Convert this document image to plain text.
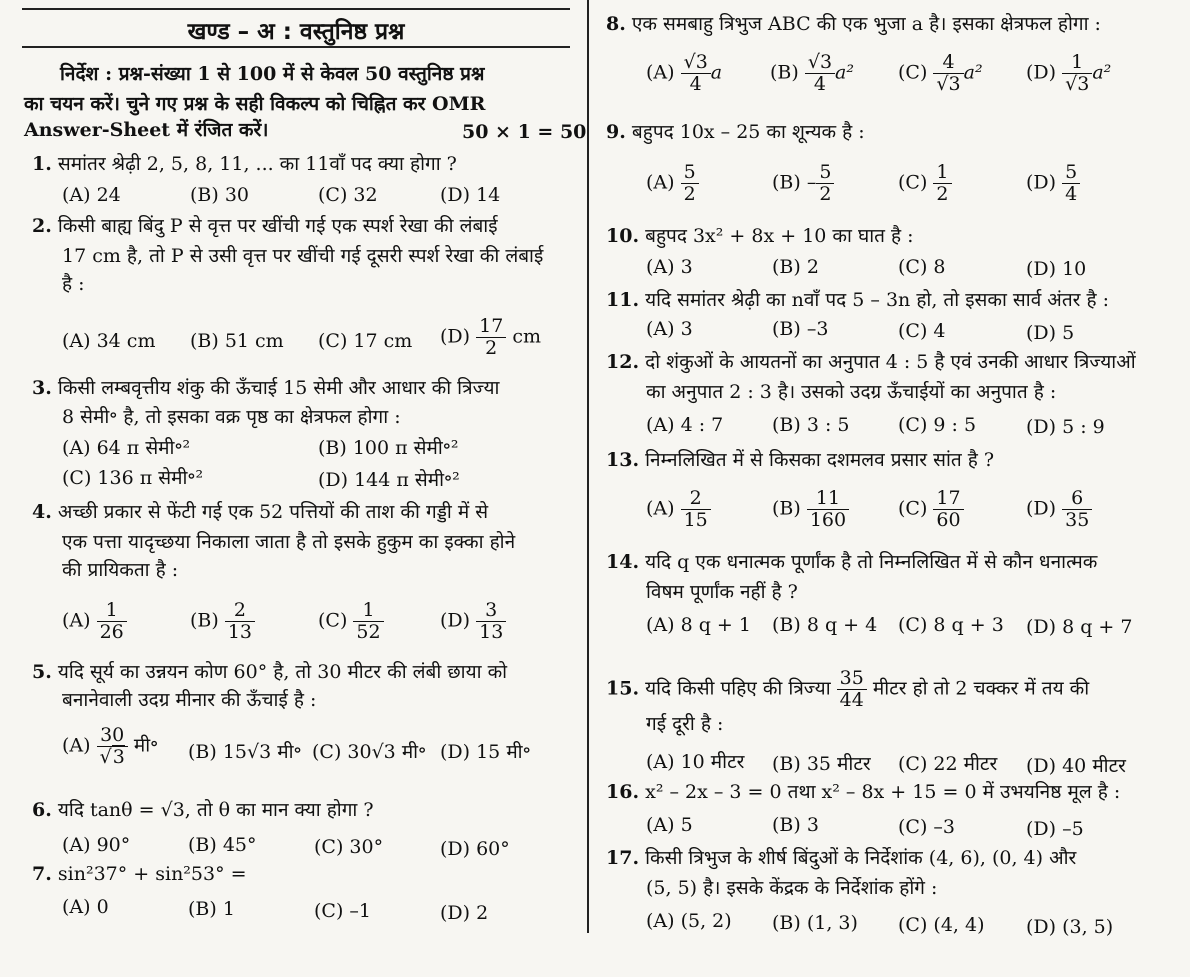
खण्ड – अ : वस्तुनिष्ठ प्रश्न
निर्देश : प्रश्न-संख्या 1 से 100 में से केवल 50 वस्तुनिष्ठ प्रश्न
का चयन करें। चुने गए प्रश्न के सही विकल्प को चिह्नित कर OMR
Answer-Sheet में रंजित करें।	50 × 1 = 50
1. समांतर श्रेढ़ी 2, 5, 8, 11, ... का 11वाँ पद क्या होगा ?
(A) 24	(B) 30	(C) 32	(D) 14
2. किसी बाह्य बिंदु P से वृत्त पर खींची गई एक स्पर्श रेखा की लंबाई
17 cm है, तो P से उसी वृत्त पर खींची गई दूसरी स्पर्श रेखा की लंबाई
है :
(A) 34 cm (B) 51 cm (C) 17 cm $(D) \frac{17}{2}$ cm
3. किसी लम्बवृत्तीय शंकु की ऊँचाई 15 सेमी और आधार की त्रिज्या
8 सेमी॰ है, तो इसका वक्र पृष्ठ का क्षेत्रफल होगा :
(A) 64 π सेमी॰²	(B) 100 π सेमी॰²
(C) 136 π सेमी॰²	(D) 144 π सेमी॰²
4. अच्छी प्रकार से फेंटी गई एक 52 पत्तियों की ताश की गड्डी में से
एक पत्ता यादृच्छया निकाला जाता है तो इसके हुकुम का इक्का होने
की प्रायिकता है :
$(A) \frac{1}{26}$	$(B) \frac{2}{13}$	$(C) \frac{1}{52}$	$(D) \frac{3}{13}$
5. यदि सूर्य का उन्नयन कोण 60° है, तो 30 मीटर की लंबी छाया को
बनानेवाली उदग्र मीनार की ऊँचाई है :
$(A) \frac{30}{√3}$ मी॰ (B) 15√3 मी॰ (C) 30√3 मी॰ (D) 15 मी॰
6. यदि tanθ = √3, तो θ का मान क्या होगा ?
(A) 90°	(B) 45°	(C) 30°	(D) 60°
7. sin²37° + sin²53° =
(A) 0	(B) 1	(C) –1	(D) 2
8. एक समबाहु त्रिभुज ABC की एक भुजा a है। इसका क्षेत्रफल होगा :
$(A) \frac{√3}{4}$ a	$(B) \frac{√3}{4} a^2$ $(C) \frac{4}{√3} a^2$ $(D) \frac{1}{√3} a^2$
9. बहुपद 10x – 25 का शून्यक है :
$(A) \frac{5}{2}$	$(B) - \frac{5}{2}$	$(C) \frac{1}{2}$	$(D) \frac{5}{4}$
10. बहुपद 3x² + 8x + 10 का घात है :
(A) 3	(B) 2	(C) 8	(D) 10
11. यदि समांतर श्रेढ़ी का nवाँ पद 5 – 3n हो, तो इसका सार्व अंतर है :
(A) 3	(B) –3	(C) 4	(D) 5
12. दो शंकुओं के आयतनों का अनुपात 4 : 5 है एवं उनकी आधार त्रिज्याओं
का अनुपात 2 : 3 है। उसको उदग्र ऊँचाईयों का अनुपात है :
(A) 4 : 7	(B) 3 : 5	(C) 9 : 5	(D) 5 : 9
13. निम्नलिखित में से किसका दशमलव प्रसार सांत है ?
$(A) \frac{2}{15}$	$(B) \frac{11}{160}$	$(C) \frac{17}{60}$	$(D) \frac{6}{35}$
14. यदि q एक धनात्मक पूर्णांक है तो निम्नलिखित में से कौन धनात्मक
विषम पूर्णांक नहीं है ?
(A) 8 q + 1 (B) 8 q + 4 (C) 8 q + 3 (D) 8 q + 7
15. यदि किसी पहिए की त्रिज्या $\frac{35}{44}$ मीटर हो तो 2 चक्कर में तय की
गई दूरी है :
(A) 10 मीटर (B) 35 मीटर (C) 22 मीटर (D) 40 मीटर
16. x² – 2x – 3 = 0 तथा x² – 8x + 15 = 0 में उभयनिष्ठ मूल है :
(A) 5	(B) 3	(C) –3	(D) –5
17. किसी त्रिभुज के शीर्ष बिंदुओं के निर्देशांक (4, 6), (0, 4) और
(5, 5) है। इसके केंद्रक के निर्देशांक होंगे :
(A) (5, 2) (B) (1, 3) (C) (4, 4) (D) (3, 5)
